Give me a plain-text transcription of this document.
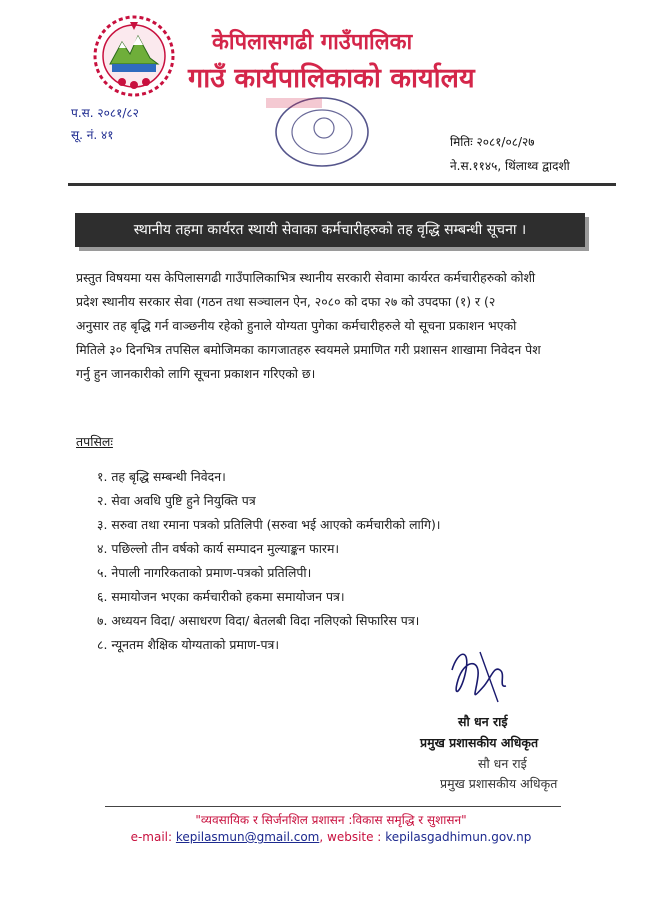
केपिलासगढी गाउँपालिका
गाउँ कार्यपालिकाको कार्यालय
प.स. २०८१/८२
सू. नं. ४१	मितिः २०८१/०८/२७
ने.स.११४५, थिंलाथ्व द्वादशी
स्थानीय तहमा कार्यरत स्थायी सेवाका कर्मचारीहरुको तह वृद्धि सम्बन्धी सूचना ।
प्रस्तुत विषयमा यस केपिलासगढी गाउँपालिकाभित्र स्थानीय सरकारी सेवामा कार्यरत कर्मचारीहरुको कोशी
प्रदेश स्थानीय सरकार सेवा (गठन तथा सञ्चालन ऐन, २०८० को दफा २७ को उपदफा (१) र (२
अनुसार तह बृद्धि गर्न वाञ्छनीय रहेको हुनाले योग्यता पुगेका कर्मचारीहरुले यो सूचना प्रकाशन भएको
मितिले ३० दिनभित्र तपसिल बमोजिमका कागजातहरु स्वयमले प्रमाणित गरी प्रशासन शाखामा निवेदन पेश
गर्नु हुन जानकारीको लागि सूचना प्रकाशन गरिएको छ।
तपसिलः
१. तह बृद्धि सम्बन्धी निवेदन।
२. सेवा अवधि पुष्टि हुने नियुक्ति पत्र
३. सरुवा तथा रमाना पत्रको प्रतिलिपी (सरुवा भई आएको कर्मचारीको लागि)।
४. पछिल्लो तीन वर्षको कार्य सम्पादन मुल्याङ्कन फारम।
५. नेपाली नागरिकताको प्रमाण-पत्रको प्रतिलिपी।
६. समायोजन भएका कर्मचारीको हकमा समायोजन पत्र।
७. अध्ययन विदा/ असाधरण विदा/ बेतलबी विदा नलिएको सिफारिस पत्र।
८. न्यूनतम शैक्षिक योग्यताको प्रमाण-पत्र।
सौ धन राई
प्रमुख प्रशासकीय अधिकृत
सौ धन राई
प्रमुख प्रशासकीय अधिकृत
"व्यवसायिक र सिर्जनशिल प्रशासन :विकास समृद्धि र सुशासन"
e-mail: kepilasmun@gmail.com, website : kepilasgadhimun.gov.np
